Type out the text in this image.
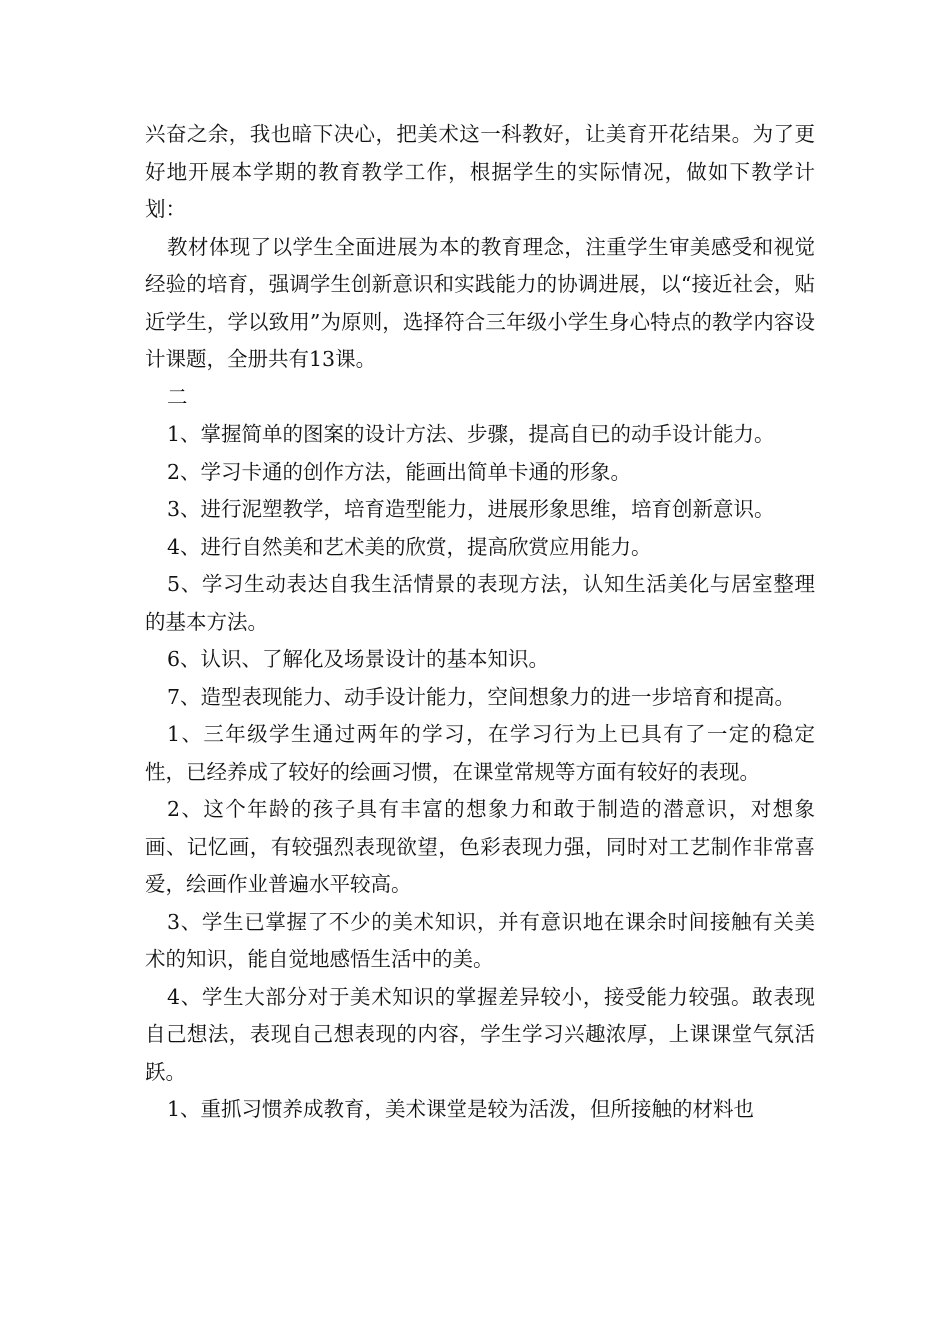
兴奋之余，我也暗下决心，把美术这一科教好，让美育开花结果。为了更好地开展本学期的教育教学工作，根据学生的实际情况，做如下教学计划：

教材体现了以学生全面进展为本的教育理念，注重学生审美感受和视觉经验的培育，强调学生创新意识和实践能力的协调进展，以“接近社会，贴近学生，学以致用”为原则，选择符合三年级小学生身心特点的教学内容设计课题，全册共有13课。

二

1、掌握简单的图案的设计方法、步骤，提高自已的动手设计能力。

2、学习卡通的创作方法，能画出简单卡通的形象。

3、进行泥塑教学，培育造型能力，进展形象思维，培育创新意识。

4、进行自然美和艺术美的欣赏，提高欣赏应用能力。

5、学习生动表达自我生活情景的表现方法，认知生活美化与居室整理的基本方法。

6、认识、了解化及场景设计的基本知识。

7、造型表现能力、动手设计能力，空间想象力的进一步培育和提高。

1、三年级学生通过两年的学习，在学习行为上已具有了一定的稳定性，已经养成了较好的绘画习惯，在课堂常规等方面有较好的表现。

2、这个年龄的孩子具有丰富的想象力和敢于制造的潜意识，对想象画、记忆画，有较强烈表现欲望，色彩表现力强，同时对工艺制作非常喜爱，绘画作业普遍水平较高。

3、学生已掌握了不少的美术知识，并有意识地在课余时间接触有关美术的知识，能自觉地感悟生活中的美。

4、学生大部分对于美术知识的掌握差异较小，接受能力较强。敢表现自己想法，表现自己想表现的内容，学生学习兴趣浓厚，上课课堂气氛活跃。

1、重抓习惯养成教育，美术课堂是较为活泼，但所接触的材料也
